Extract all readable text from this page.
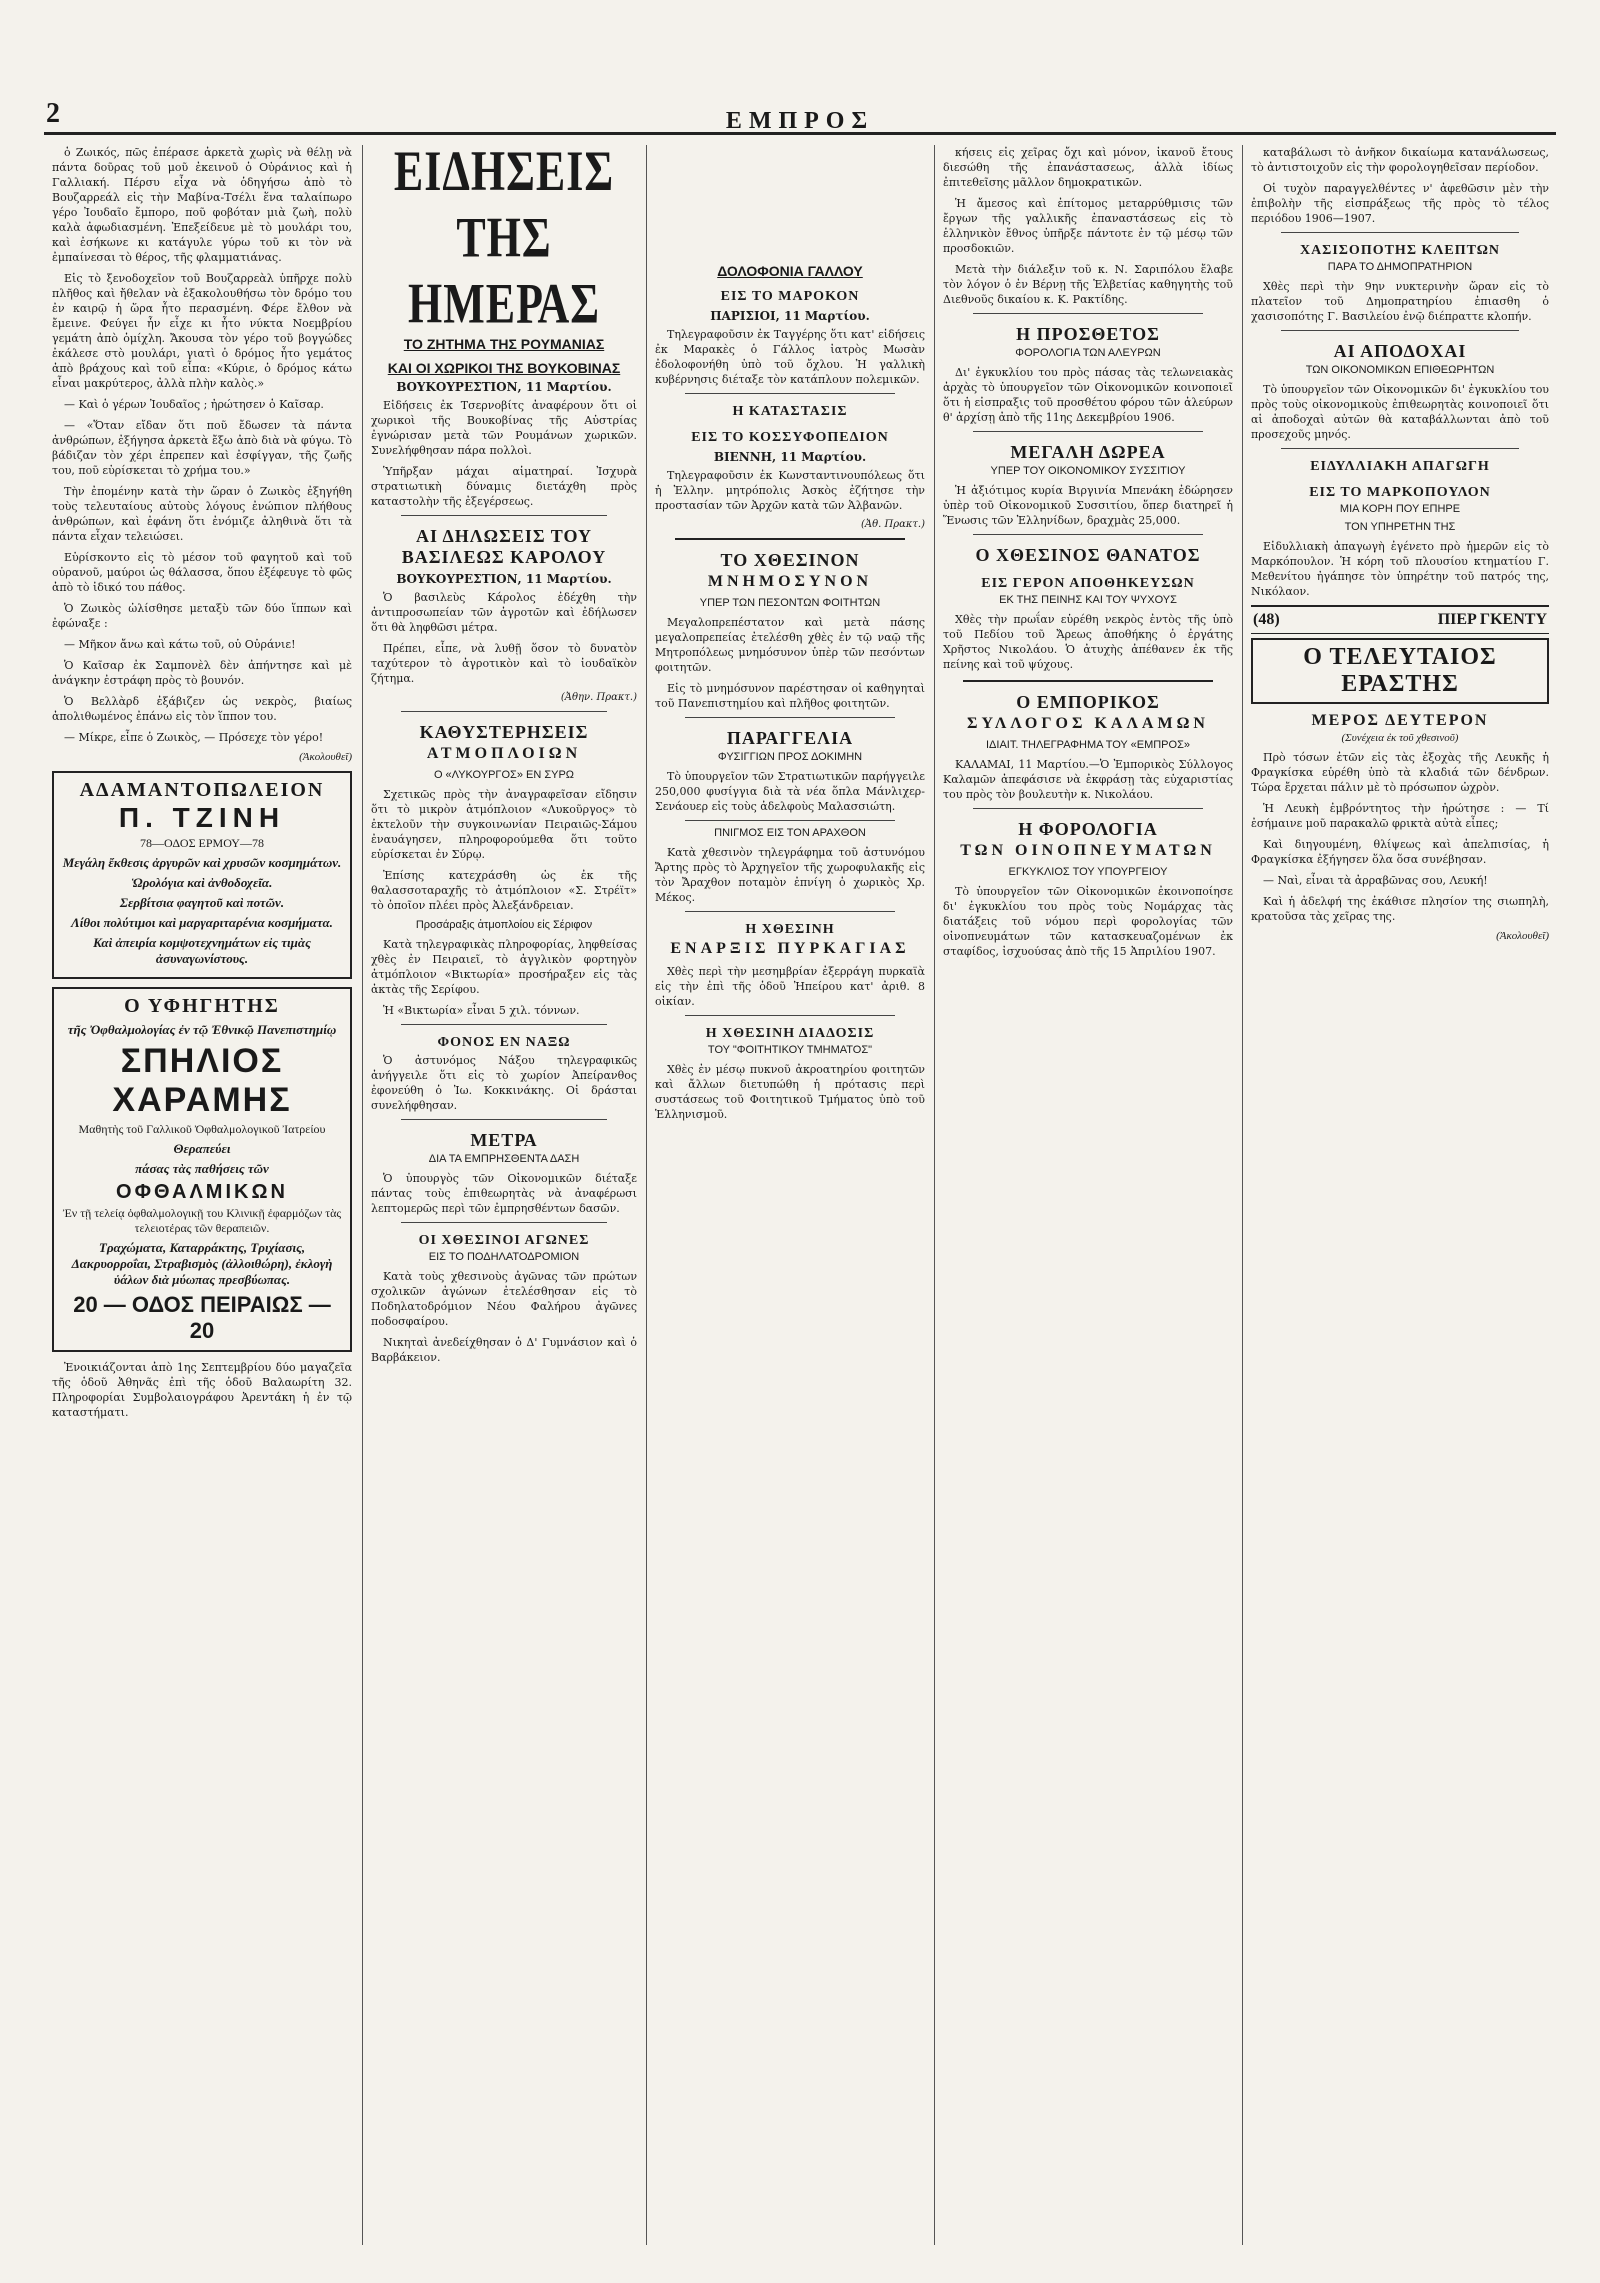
2	ΕΜΠΡΟΣ

ὁ Ζωικός, πῶς ἐπέρασε ἀρκετὰ χωρὶς νὰ θέλῃ νὰ πάντα δοῦρας τοῦ μοῦ ἐκεινοῦ ὁ Οὐράνιος καὶ ἡ Γαλλιακή. Πέρσυ εἶχα νὰ ὁδηγήσω ἀπὸ τὸ Βουζαρρεάλ εἰς τὴν Μαβίνα-Τσέλι ἕνα ταλαίπωρο γέρο Ἰουδαῖο ἔμπορο, ποῦ φοβόταν μιὰ ζωὴ, πολὺ καλὰ ἀφωδιασμένη. Ἐπεξείδευε μὲ τὸ μουλάρι του, καὶ ἐσήκωνε κι κατάγυλε γύρω τοῦ κι τὸν νὰ ἐμπαίνεσαι τὸ θέρος, τῆς φλαμματιάνας.

Εἰς τὸ ξενοδοχεῖον τοῦ Βουζαρρεὰλ ὑπῆρχε πολὺ πλῆθος καὶ ἤθελαν νὰ ἐξακολουθήσω τὸν δρόμο του ἐν καιρῷ ἡ ὥρα ἦτο περασμένη. Φέρε ἔλθον νὰ ἔμεινε. Φεύγει ἦν εἶχε κι ἦτο νύκτα Νοεμβρίου γεμάτη ἀπὸ ὁμίχλη. Ἄκουσα τὸν γέρο τοῦ βογγώδες ἐκάλεσε στὸ μουλάρι, γιατὶ ὁ δρόμος ἦτο γεμάτος ἀπὸ βράχους καὶ τοῦ εἶπα: «Κύριε, ὁ δρόμος κάτω εἶναι μακρύτερος, ἀλλὰ πλὴν καλὸς.»

— Καὶ ὁ γέρων Ἰουδαῖος ; ἠρώτησεν ὁ Καῖσαρ.

— «Ὅταν εἴδαν ὅτι ποῦ ἔδωσεν τὰ πάντα ἀνθρώπων, ἐξήγησα ἀρκετὰ ἔξω ἀπὸ διὰ νὰ φύγω. Τὸ βάδιζαν τὸν χέρι ἐπρεπεν καὶ ἐσφίγγαν, τῆς ζωῆς του, ποῦ εὑρίσκεται τὸ χρήμα του.»

Τὴν ἐπομένην κατὰ τὴν ὥραν ὁ Ζωικὸς ἐξηγήθη τοὺς τελευταίους αὐτοὺς λόγους ἐνώπιον πλήθους ἀνθρώπων, καὶ ἐφάνη ὅτι ἐνόμιζε ἀληθινὰ ὅτι τὰ πάντα εἶχαν τελειώσει.

Εὑρίσκοντο εἰς τὸ μέσον τοῦ φαγητοῦ καὶ τοῦ οὐρανοῦ, μαύροι ὡς θάλασσα, ὅπου ἐξέφευγε τὸ φῶς ἀπὸ τὸ ἰδικό του πάθος.

Ὁ Ζωικὸς ὠλίσθησε μεταξὺ τῶν δύο ἵππων καὶ ἐφώναξε :

— Μῆκον ἄνω καὶ κάτω τοῦ, οὐ Οὐράνιε!

Ὁ Καῖσαρ ἐκ Σαμπονὲλ δὲν ἀπήντησε καὶ μὲ ἀνάγκην ἐστράφη πρὸς τὸ βουνόν.

Ὁ Βελλὰρδ ἐξάβιζεν ὡς νεκρὸς, βιαίως ἀπολιθωμένος ἐπάνω εἰς τὸν ἵππον του.

— Μίκρε, εἶπε ὁ Ζωικὸς, — Πρόσεχε τὸν γέρο!

(Ἀκολουθεῖ)
ΑΔΑΜΑΝΤΟΠΩΛΕΙΟΝ
Π. ΤΖΙΝΗ
78—ΟΔΟΣ ΕΡΜΟΥ—78
Μεγάλη ἔκθεσις ἀργυρῶν καὶ χρυσῶν κοσμημάτων.
Ὡρολόγια καὶ ἀνθοδοχεῖα.
Σερβίτσια φαγητοῦ καὶ ποτῶν.
Λίθοι πολύτιμοι καὶ μαργαριταρένια κοσμήματα.
Καὶ ἀπειρία κομψοτεχνημάτων εἰς τιμὰς ἀσυναγωνίστους.
Ο ΥΦΗΓΗΤΗΣ
τῆς Ὀφθαλμολογίας ἐν τῷ Ἐθνικῷ Πανεπιστημίῳ
ΣΠΗΛΙΟΣ
ΧΑΡΑΜΗΣ
Μαθητὴς τοῦ Γαλλικοῦ Ὀφθαλμολογικοῦ Ἰατρείου
Θεραπεύει
πάσας τὰς παθήσεις τῶν
ΟΦΘΑΛΜΙΚΩΝ
Ἐν τῇ τελείᾳ ὀφθαλμολογικῇ του Κλινικῇ ἐφαρμόζων τὰς τελειοτέρας τῶν θεραπειῶν.
Τραχώματα, Καταρράκτης, Τριχίασις, Δακρυορροΐαι, Στραβισμὸς (ἀλλοιθώρη), ἐκλογὴ ὑάλων διὰ μύωπας πρεσβύωπας.
20 — ΟΔΟΣ ΠΕΙΡΑΙΩΣ — 20

Ἐνοικιάζονται ἀπὸ 1ης Σεπτεμβρίου δύο μαγαζεῖα τῆς ὁδοῦ Ἀθηνᾶς ἐπὶ τῆς ὁδοῦ Βαλαωρίτη 32. Πληροφορίαι Συμβολαιογράφου Ἀρεντάκη ἡ ἐν τῷ καταστήματι.

ΕΙΔΗΣΕΙΣ ΤΗΣ ΗΜΕΡΑΣ
ΤΟ ΖΗΤΗΜΑ ΤΗΣ ΡΟΥΜΑΝΙΑΣ
ΚΑΙ ΟΙ ΧΩΡΙΚΟΙ ΤΗΣ ΒΟΥΚΟΒΙΝΑΣ
ΒΟΥΚΟΥΡΕΣΤΙΟΝ, 11 Μαρτίου.

Εἰδήσεις ἐκ Τσερνοβίτς ἀναφέρουν ὅτι οἱ χωρικοὶ τῆς Βουκοβίνας τῆς Αὐστρίας ἐγνώρισαν μετὰ τῶν Ρουμάνων χωρικῶν. Συνελήφθησαν πάρα πολλοὶ.

Ὑπῆρξαν μάχαι αἱματηραί. Ἰσχυρὰ στρατιωτικὴ δύναμις διετάχθη πρὸς καταστολὴν τῆς ἐξεγέρσεως.

ΑΙ ΔΗΛΩΣΕΙΣ ΤΟΥ ΒΑΣΙΛΕΩΣ ΚΑΡΟΛΟΥ
ΒΟΥΚΟΥΡΕΣΤΙΟΝ, 11 Μαρτίου.

Ὁ βασιλεὺς Κάρολος ἐδέχθη τὴν ἀντιπροσωπείαν τῶν ἀγροτῶν καὶ ἐδήλωσεν ὅτι θὰ ληφθῶσι μέτρα.

Πρέπει, εἶπε, νὰ λυθῇ ὅσον τὸ δυνατὸν ταχύτερον τὸ ἀγροτικὸν καὶ τὸ ἰουδαϊκὸν ζήτημα.

(Ἀθην. Πρακτ.)
ΚΑΘΥΣΤΕΡΗΣΕΙΣ
ΑΤΜΟΠΛΟΙΩΝ
Ο «ΛΥΚΟΥΡΓΟΣ» ΕΝ ΣΥΡΩ

Σχετικῶς πρὸς τὴν ἀναγραφεῖσαν εἴδησιν ὅτι τὸ μικρὸν ἀτμόπλοιον «Λυκοῦργος» τὸ ἐκτελοῦν τὴν συγκοινωνίαν Πειραιῶς-Σάμου ἐναυάγησεν, πληροφορούμεθα ὅτι τοῦτο εὑρίσκεται ἐν Σύρῳ.

Ἐπίσης κατεχράσθη ὡς ἐκ τῆς θαλασσοταραχῆς τὸ ἀτμόπλοιον «Σ. Στρέϊτ» τὸ ὁποῖον πλέει πρὸς Ἀλεξάνδρειαν.

Προσάραξις ἀτμοπλοίου εἰς Σέριφον

Κατὰ τηλεγραφικὰς πληροφορίας, ληφθείσας χθὲς ἐν Πειραιεῖ, τὸ ἀγγλικὸν φορτηγὸν ἀτμόπλοιον «Βικτωρία» προσήραξεν εἰς τὰς ἀκτὰς τῆς Σερίφου.

Ἡ «Βικτωρία» εἶναι 5 χιλ. τόννων.

ΦΟΝΟΣ ΕΝ ΝΑΞΩ

Ὁ ἀστυνόμος Νάξου τηλεγραφικῶς ἀνήγγειλε ὅτι εἰς τὸ χωρίον Ἀπείρανθος ἐφονεύθη ὁ Ἰω. Κοκκινάκης. Οἱ δράσται συνελήφθησαν.

ΜΕΤΡΑ
ΔΙΑ ΤΑ ΕΜΠΡΗΣΘΕΝΤΑ ΔΑΣΗ

Ὁ ὑπουργὸς τῶν Οἰκονομικῶν διέταξε πάντας τοὺς ἐπιθεωρητὰς νὰ ἀναφέρωσι λεπτομερῶς περὶ τῶν ἐμπρησθέντων δασῶν.

ΟΙ ΧΘΕΣΙΝΟΙ ΑΓΩΝΕΣ
ΕΙΣ ΤΟ ΠΟΔΗΛΑΤΟΔΡΟΜΙΟΝ

Κατὰ τοὺς χθεσινοὺς ἀγῶνας τῶν πρώτων σχολικῶν ἀγώνων ἐτελέσθησαν εἰς τὸ Ποδηλατοδρόμιον Νέου Φαλήρου ἀγῶνες ποδοσφαίρου.

Νικηταὶ ἀνεδείχθησαν ὁ Δ' Γυμνάσιον καὶ ὁ Βαρβάκειον.

ΔΟΛΟΦΟΝΙΑ ΓΑΛΛΟΥ
ΕΙΣ ΤΟ ΜΑΡΟΚΟΝ
ΠΑΡΙΣΙΟΙ, 11 Μαρτίου.

Τηλεγραφοῦσιν ἐκ Ταγγέρης ὅτι κατ' εἰδήσεις ἐκ Μαρακὲς ὁ Γάλλος ἰατρὸς Μωσὰν ἐδολοφονήθη ὑπὸ τοῦ ὄχλου. Ἡ γαλλικὴ κυβέρνησις διέταξε τὸν κατάπλουν πολεμικῶν.

Η ΚΑΤΑΣΤΑΣΙΣ
ΕΙΣ ΤΟ ΚΟΣΣΥΦΟΠΕΔΙΟΝ
ΒΙΕΝΝΗ, 11 Μαρτίου.

Τηλεγραφοῦσιν ἐκ Κωνσταντινουπόλεως ὅτι ἡ Ἑλλην. μητρόπολις Ἀσκὸς ἐζήτησε τὴν προστασίαν τῶν Ἀρχῶν κατὰ τῶν Ἀλβανῶν.

(Ἀθ. Πρακτ.)
ΤΟ ΧΘΕΣΙΝΟΝ
ΜΝΗΜΟΣΥΝΟΝ
ΥΠΕΡ ΤΩΝ ΠΕΣΟΝΤΩΝ ΦΟΙΤΗΤΩΝ

Μεγαλοπρεπέστατον καὶ μετὰ πάσης μεγαλοπρεπείας ἐτελέσθη χθὲς ἐν τῷ ναῷ τῆς Μητροπόλεως μνημόσυνον ὑπὲρ τῶν πεσόντων φοιτητῶν.

Εἰς τὸ μνημόσυνον παρέστησαν οἱ καθηγηταὶ τοῦ Πανεπιστημίου καὶ πλῆθος φοιτητῶν.

ΠΑΡΑΓΓΕΛΙΑ
ΦΥΣΙΓΓΙΩΝ ΠΡΟΣ ΔΟΚΙΜΗΝ

Τὸ ὑπουργεῖον τῶν Στρατιωτικῶν παρήγγειλε 250,000 φυσίγγια διὰ τὰ νέα ὅπλα Μάνλιχερ-Σενάουερ εἰς τοὺς ἀδελφοὺς Μαλασσιώτη.

ΠΝΙΓΜΟΣ ΕΙΣ ΤΟΝ ΑΡΑΧΘΟΝ

Κατὰ χθεσινὸν τηλεγράφημα τοῦ ἀστυνόμου Ἄρτης πρὸς τὸ Ἀρχηγεῖον τῆς χωροφυλακῆς εἰς τὸν Ἄραχθον ποταμὸν ἐπνίγη ὁ χωρικὸς Χρ. Μέκος.

Η ΧΘΕΣΙΝΗ
ΕΝΑΡΞΙΣ ΠΥΡΚΑΓΙΑΣ

Χθὲς περὶ τὴν μεσημβρίαν ἐξερράγη πυρκαϊὰ εἰς τὴν ἐπὶ τῆς ὁδοῦ Ἠπείρου κατ' ἀριθ. 8 οἰκίαν.

Η ΧΘΕΣΙΝΗ ΔΙΑΔΟΣΙΣ
ΤΟΥ "ΦΟΙΤΗΤΙΚΟΥ ΤΜΗΜΑΤΟΣ"

Χθὲς ἐν μέσῳ πυκνοῦ ἀκροατηρίου φοιτητῶν καὶ ἄλλων διετυπώθη ἡ πρότασις περὶ συστάσεως τοῦ Φοιτητικοῦ Τμήματος ὑπὸ τοῦ Ἑλληνισμοῦ.

κήσεις εἰς χεῖρας ὄχι καὶ μόνον, ἱκανοῦ ἔτους διεσώθη τῆς ἐπανάστασεως, ἀλλὰ ἰδίως ἐπιτεθεῖσης μᾶλλον δημοκρατικῶν.

Ἡ ἄμεσος καὶ ἐπίτομος μεταρρύθμισις τῶν ἔργων τῆς γαλλικῆς ἐπαναστάσεως εἰς τὸ ἑλληνικὸν ἔθνος ὑπῆρξε πάντοτε ἐν τῷ μέσῳ τῶν προσδοκιῶν.

Μετὰ τὴν διάλεξιν τοῦ κ. Ν. Σαριπόλου ἔλαβε τὸν λόγον ὁ ἐν Βέρνῃ τῆς Ἑλβετίας καθηγητὴς τοῦ Διεθνοῦς δικαίου κ. Κ. Ρακτίδης.

Η ΠΡΟΣΘΕΤΟΣ
ΦΟΡΟΛΟΓΙΑ ΤΩΝ ΑΛΕΥΡΩΝ

Δι' ἐγκυκλίου του πρὸς πάσας τὰς τελωνειακὰς ἀρχὰς τὸ ὑπουργεῖον τῶν Οἰκονομικῶν κοινοποιεῖ ὅτι ἡ εἰσπραξις τοῦ προσθέτου φόρου τῶν ἀλεύρων θ' ἀρχίσῃ ἀπὸ τῆς 11ης Δεκεμβρίου 1906.

ΜΕΓΑΛΗ ΔΩΡΕΑ
ΥΠΕΡ ΤΟΥ ΟΙΚΟΝΟΜΙΚΟΥ ΣΥΣΣΙΤΙΟΥ

Ἡ ἀξιότιμος κυρία Βιργινία Μπενάκη ἐδώρησεν ὑπὲρ τοῦ Οἰκονομικοῦ Συσσιτίου, ὅπερ διατηρεῖ ἡ Ἕνωσις τῶν Ἑλληνίδων, δραχμὰς 25,000.

Ο ΧΘΕΣΙΝΟΣ ΘΑΝΑΤΟΣ
ΕΙΣ ΓΕΡΟΝ ΑΠΟΘΗΚΕΥΣΩΝ
ΕΚ ΤΗΣ ΠΕΙΝΗΣ ΚΑΙ ΤΟΥ ΨΥΧΟΥΣ

Χθὲς τὴν πρωΐαν εὑρέθη νεκρὸς ἐντὸς τῆς ὑπὸ τοῦ Πεδίου τοῦ Ἄρεως ἀποθήκης ὁ ἐργάτης Χρῆστος Νικολάου. Ὁ ἀτυχὴς ἀπέθανεν ἐκ τῆς πείνης καὶ τοῦ ψύχους.

Ο ΕΜΠΟΡΙΚΟΣ
ΣΥΛΛΟΓΟΣ ΚΑΛΑΜΩΝ
ΙΔΙΑΙΤ. ΤΗΛΕΓΡΑΦΗΜΑ ΤΟΥ «ΕΜΠΡΟΣ»

ΚΑΛΑΜΑΙ, 11 Μαρτίου.—Ὁ Ἐμπορικὸς Σύλλογος Καλαμῶν ἀπεφάσισε νὰ ἐκφράσῃ τὰς εὐχαριστίας του πρὸς τὸν βουλευτὴν κ. Νικολάου.

Η ΦΟΡΟΛΟΓΙΑ
ΤΩΝ ΟΙΝΟΠΝΕΥΜΑΤΩΝ
ΕΓΚΥΚΛΙΟΣ ΤΟΥ ΥΠΟΥΡΓΕΙΟΥ

Τὸ ὑπουργεῖον τῶν Οἰκονομικῶν ἐκοινοποίησε δι' ἐγκυκλίου του πρὸς τοὺς Νομάρχας τὰς διατάξεις τοῦ νόμου περὶ φορολογίας τῶν οἰνοπνευμάτων τῶν κατασκευαζομένων ἐκ σταφίδος, ἰσχυούσας ἀπὸ τῆς 15 Ἀπριλίου 1907.

καταβάλωσι τὸ ἀνῆκον δικαίωμα κατανάλωσεως, τὸ ἀντιστοιχοῦν εἰς τὴν φορολογηθεῖσαν περίοδον.

Οἱ τυχὸν παραγγελθέντες ν' ἀφεθῶσιν μὲν τὴν ἐπιβολὴν τῆς εἰσπράξεως τῆς πρὸς τὸ τέλος περιόδου 1906—1907.

ΧΑΣΙΣΟΠΟΤΗΣ ΚΛΕΠΤΩΝ
ΠΑΡΑ ΤΟ ΔΗΜΟΠΡΑΤΗΡΙΟΝ

Χθὲς περὶ τὴν 9ην νυκτερινὴν ὥραν εἰς τὸ πλατεῖον τοῦ Δημοπρατηρίου ἐπιασθη ὁ χασισοπότης Γ. Βασιλείου ἐνῷ διέπραττε κλοπήν.

ΑΙ ΑΠΟΔΟΧΑΙ
ΤΩΝ ΟΙΚΟΝΟΜΙΚΩΝ ΕΠΙΘΕΩΡΗΤΩΝ

Τὸ ὑπουργεῖον τῶν Οἰκονομικῶν δι' ἐγκυκλίου του πρὸς τοὺς οἰκονομικοὺς ἐπιθεωρητὰς κοινοποιεῖ ὅτι αἱ ἀποδοχαὶ αὐτῶν θὰ καταβάλλωνται ἀπὸ τοῦ προσεχοῦς μηνός.

ΕΙΔΥΛΛΙΑΚΗ ΑΠΑΓΩΓΗ
ΕΙΣ ΤΟ ΜΑΡΚΟΠΟΥΛΟΝ
ΜΙΑ ΚΟΡΗ ΠΟΥ ΕΠΗΡΕ
ΤΟΝ ΥΠΗΡΕΤΗΝ ΤΗΣ

Εἰδυλλιακὴ ἀπαγωγὴ ἐγένετο πρὸ ἡμερῶν εἰς τὸ Μαρκόπουλον. Ἡ κόρη τοῦ πλουσίου κτηματίου Γ. Μεθενίτου ἠγάπησε τὸν ὑπηρέτην τοῦ πατρός της, Νικόλαον.

(48)	ΠΙΕΡ ΓΚΕΝΤΥ
Ο ΤΕΛΕΥΤΑΙΟΣ ΕΡΑΣΤΗΣ
ΜΕΡΟΣ ΔΕΥΤΕΡΟΝ
(Συνέχεια ἐκ τοῦ χθεσινοῦ)

Πρὸ τόσων ἐτῶν εἰς τὰς ἐξοχὰς τῆς Λευκῆς ἡ Φραγκίσκα εὑρέθη ὑπὸ τὰ κλαδιά τῶν δένδρων. Τώρα ἔρχεται πάλιν μὲ τὸ πρόσωπον ὠχρὸν.

Ἡ Λευκὴ ἐμβρόντητος τὴν ἠρώτησε : — Τί ἐσήμαινε μοῦ παρακαλῶ φρικτὰ αὐτὰ εἶπες;

Καὶ διηγουμένη, θλίψεως καὶ ἀπελπισίας, ἡ Φραγκίσκα ἐξήγησεν ὅλα ὅσα συνέβησαν.

— Ναὶ, εἶναι τὰ ἀρραβῶνας σου, Λευκή!

Καὶ ἡ ἀδελφή της ἐκάθισε πλησίον της σιωπηλὴ, κρατοῦσα τὰς χεῖρας της.

(Ἀκολουθεῖ)
